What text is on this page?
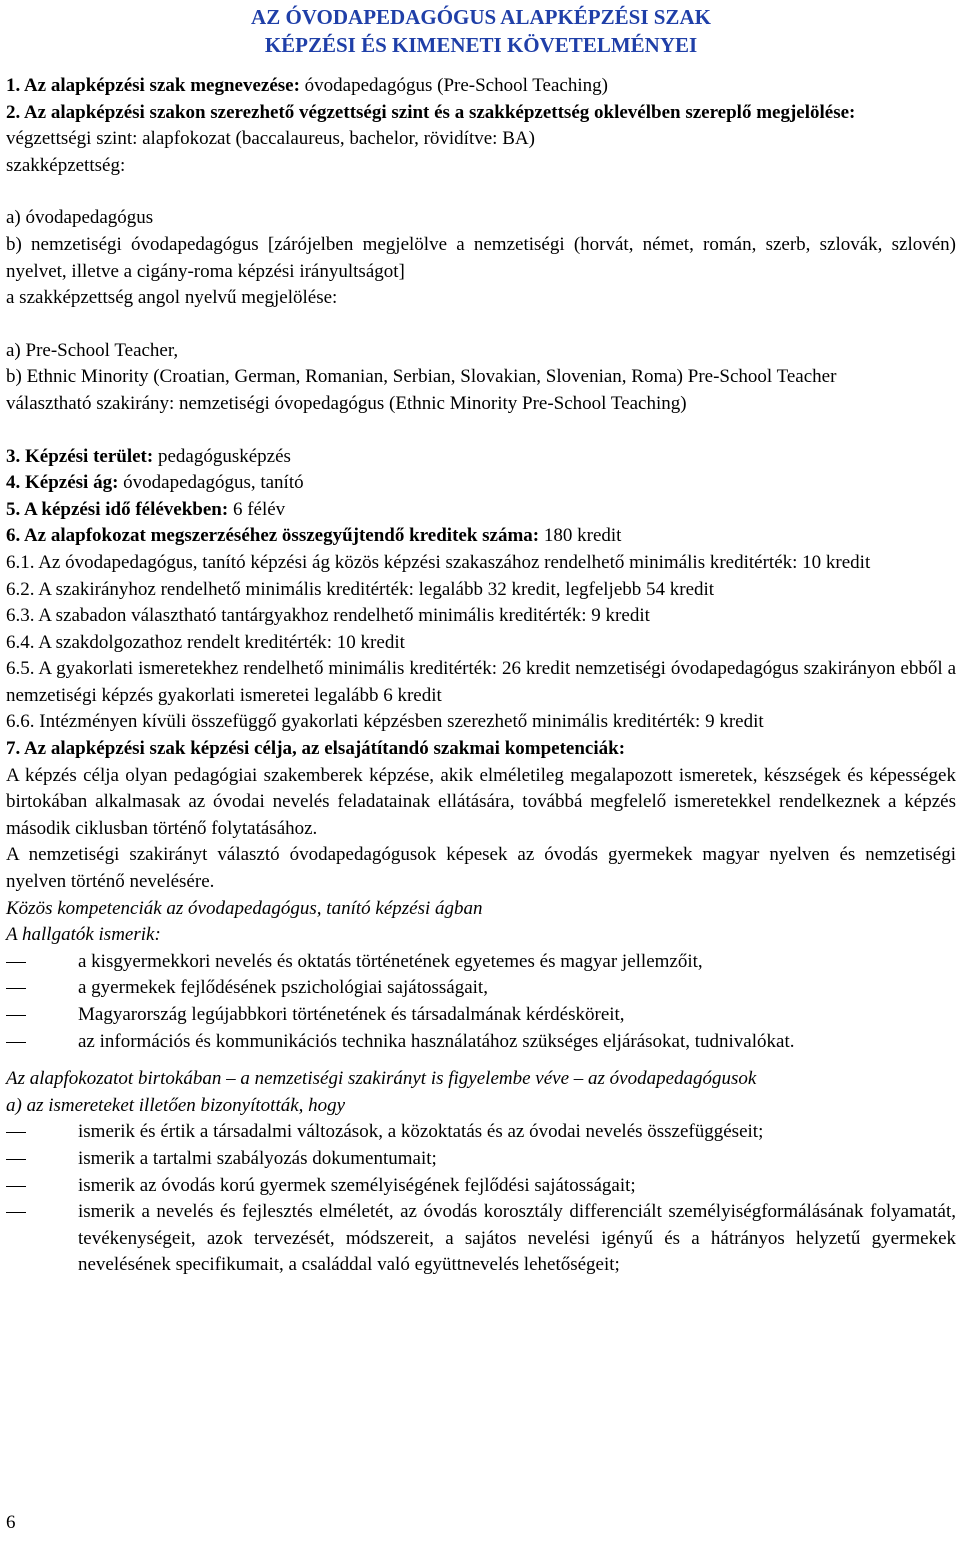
AZ ÓVODAPEDAGÓGUS ALAPKÉPZÉSI SZAK

KÉPZÉSI ÉS KIMENETI KÖVETELMÉNYEI

1. Az alapképzési szak megnevezése: óvodapedagógus (Pre-School Teaching)

2. Az alapképzési szakon szerezhető végzettségi szint és a szakképzettség oklevélben szereplő megjelölése:

végzettségi szint: alapfokozat (baccalaureus, bachelor, rövidítve: BA)

szakképzettség:

a) óvodapedagógus

b) nemzetiségi óvodapedagógus [zárójelben megjelölve a nemzetiségi (horvát, német, román, szerb, szlovák, szlovén) nyelvet, illetve a cigány-roma képzési irányultságot]

a szakképzettség angol nyelvű megjelölése:

a) Pre-School Teacher,

b) Ethnic Minority (Croatian, German, Romanian, Serbian, Slovakian, Slovenian, Roma) Pre-School Teacher

választható szakirány: nemzetiségi óvopedagógus (Ethnic Minority Pre-School Teaching)

3. Képzési terület: pedagógusképzés

4. Képzési ág: óvodapedagógus, tanító

5. A képzési idő félévekben: 6 félév

6. Az alapfokozat megszerzéséhez összegyűjtendő kreditek száma: 180 kredit

6.1. Az óvodapedagógus, tanító képzési ág közös képzési szakaszához rendelhető minimális kreditérték: 10 kredit

6.2. A szakirányhoz rendelhető minimális kreditérték: legalább 32 kredit, legfeljebb 54 kredit

6.3. A szabadon választható tantárgyakhoz rendelhető minimális kreditérték: 9 kredit

6.4. A szakdolgozathoz rendelt kreditérték: 10 kredit

6.5. A gyakorlati ismeretekhez rendelhető minimális kreditérték: 26 kredit nemzetiségi óvodapedagógus szakirányon ebből a nemzetiségi képzés gyakorlati ismeretei legalább 6 kredit

6.6. Intézményen kívüli összefüggő gyakorlati képzésben szerezhető minimális kreditérték: 9 kredit

7. Az alapképzési szak képzési célja, az elsajátítandó szakmai kompetenciák:

A képzés célja olyan pedagógiai szakemberek képzése, akik elméletileg megalapozott ismeretek, készségek és képességek birtokában alkalmasak az óvodai nevelés feladatainak ellátására, továbbá megfelelő ismeretekkel rendelkeznek a képzés második ciklusban történő folytatásához.

A nemzetiségi szakirányt választó óvodapedagógusok képesek az óvodás gyermekek magyar nyelven és nemzetiségi nyelven történő nevelésére.

Közös kompetenciák az óvodapedagógus, tanító képzési ágban

A hallgatók ismerik:

a kisgyermekkori nevelés és oktatás történetének egyetemes és magyar jellemzőit,
a gyermekek fejlődésének pszichológiai sajátosságait,
Magyarország legújabbkori történetének és társadalmának kérdésköreit,
az információs és kommunikációs technika használatához szükséges eljárásokat, tudnivalókat.

Az alapfokozatot birtokában – a nemzetiségi szakirányt is figyelembe véve – az óvodapedagógusok

a) az ismereteket illetően bizonyították, hogy

ismerik és értik a társadalmi változások, a közoktatás és az óvodai nevelés összefüggéseit;
ismerik a tartalmi szabályozás dokumentumait;
ismerik az óvodás korú gyermek személyiségének fejlődési sajátosságait;
ismerik a nevelés és fejlesztés elméletét, az óvodás korosztály differenciált személyiségformálásának folyamatát, tevékenységeit, azok tervezését, módszereit, a sajátos nevelési igényű és a hátrányos helyzetű gyermekek nevelésének specifikumait, a családdal való együttnevelés lehetőségeit;
6
